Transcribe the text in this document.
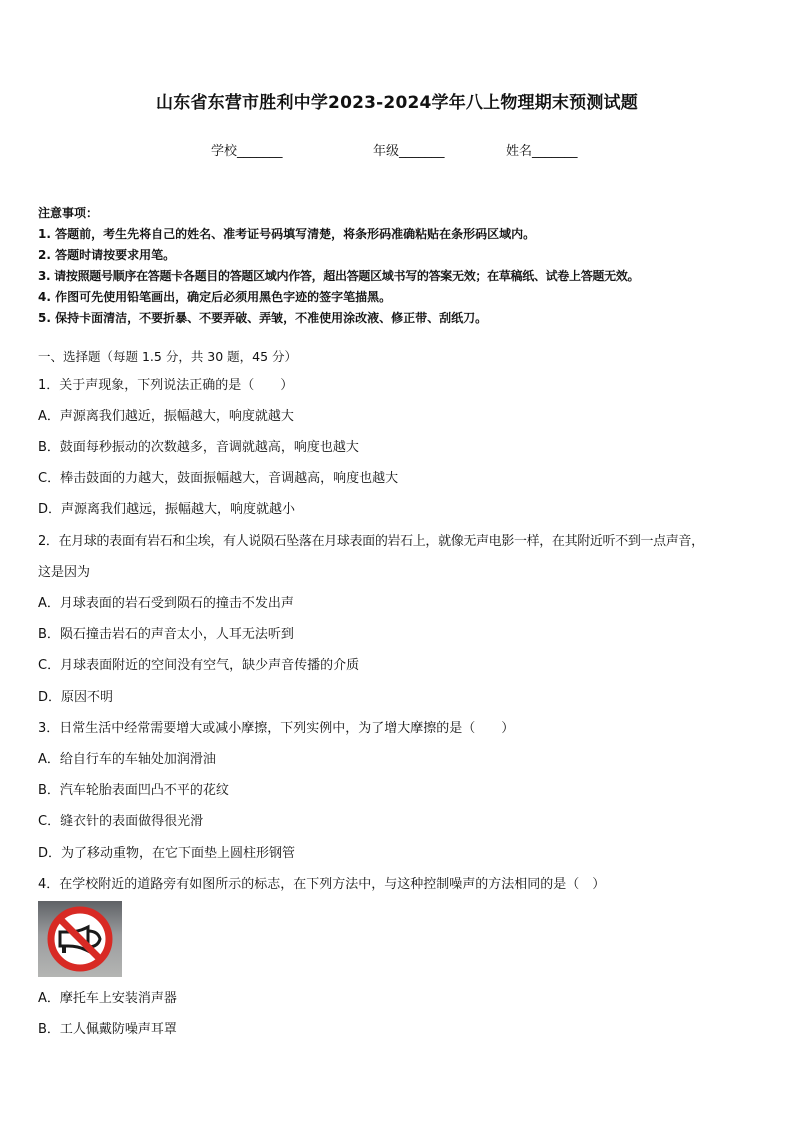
山东省东营市胜利中学2023-2024学年八上物理期末预测试题
学校_______	年级_______	姓名_______
注意事项：
1. 答题前，考生先将自己的姓名、准考证号码填写清楚，将条形码准确粘贴在条形码区域内。
2. 答题时请按要求用笔。
3. 请按照题号顺序在答题卡各题目的答题区域内作答，超出答题区域书写的答案无效；在草稿纸、试卷上答题无效。
4. 作图可先使用铅笔画出，确定后必须用黑色字迹的签字笔描黑。
5. 保持卡面清洁，不要折暴、不要弄破、弄皱，不准使用涂改液、修正带、刮纸刀。
一、选择题（每题 1.5 分，共 30 题，45 分）
1．关于声现象，下列说法正确的是（　　）
A．声源离我们越近，振幅越大，响度就越大
B．鼓面每秒振动的次数越多，音调就越高，响度也越大
C．棒击鼓面的力越大，鼓面振幅越大，音调越高，响度也越大
D．声源离我们越远，振幅越大，响度就越小
2．在月球的表面有岩石和尘埃，有人说陨石坠落在月球表面的岩石上，就像无声电影一样，在其附近听不到一点声音，
这是因为
A．月球表面的岩石受到陨石的撞击不发出声
B．陨石撞击岩石的声音太小，人耳无法听到
C．月球表面附近的空间没有空气，缺少声音传播的介质
D．原因不明
3．日常生活中经常需要增大或减小摩擦，下列实例中，为了增大摩擦的是（　　）
A．给自行车的车轴处加润滑油
B．汽车轮胎表面凹凸不平的花纹
C．缝衣针的表面做得很光滑
D．为了移动重物，在它下面垫上圆柱形钢管
4．在学校附近的道路旁有如图所示的标志，在下列方法中，与这种控制噪声的方法相同的是（　）
A．摩托车上安装消声器
B．工人佩戴防噪声耳罩
